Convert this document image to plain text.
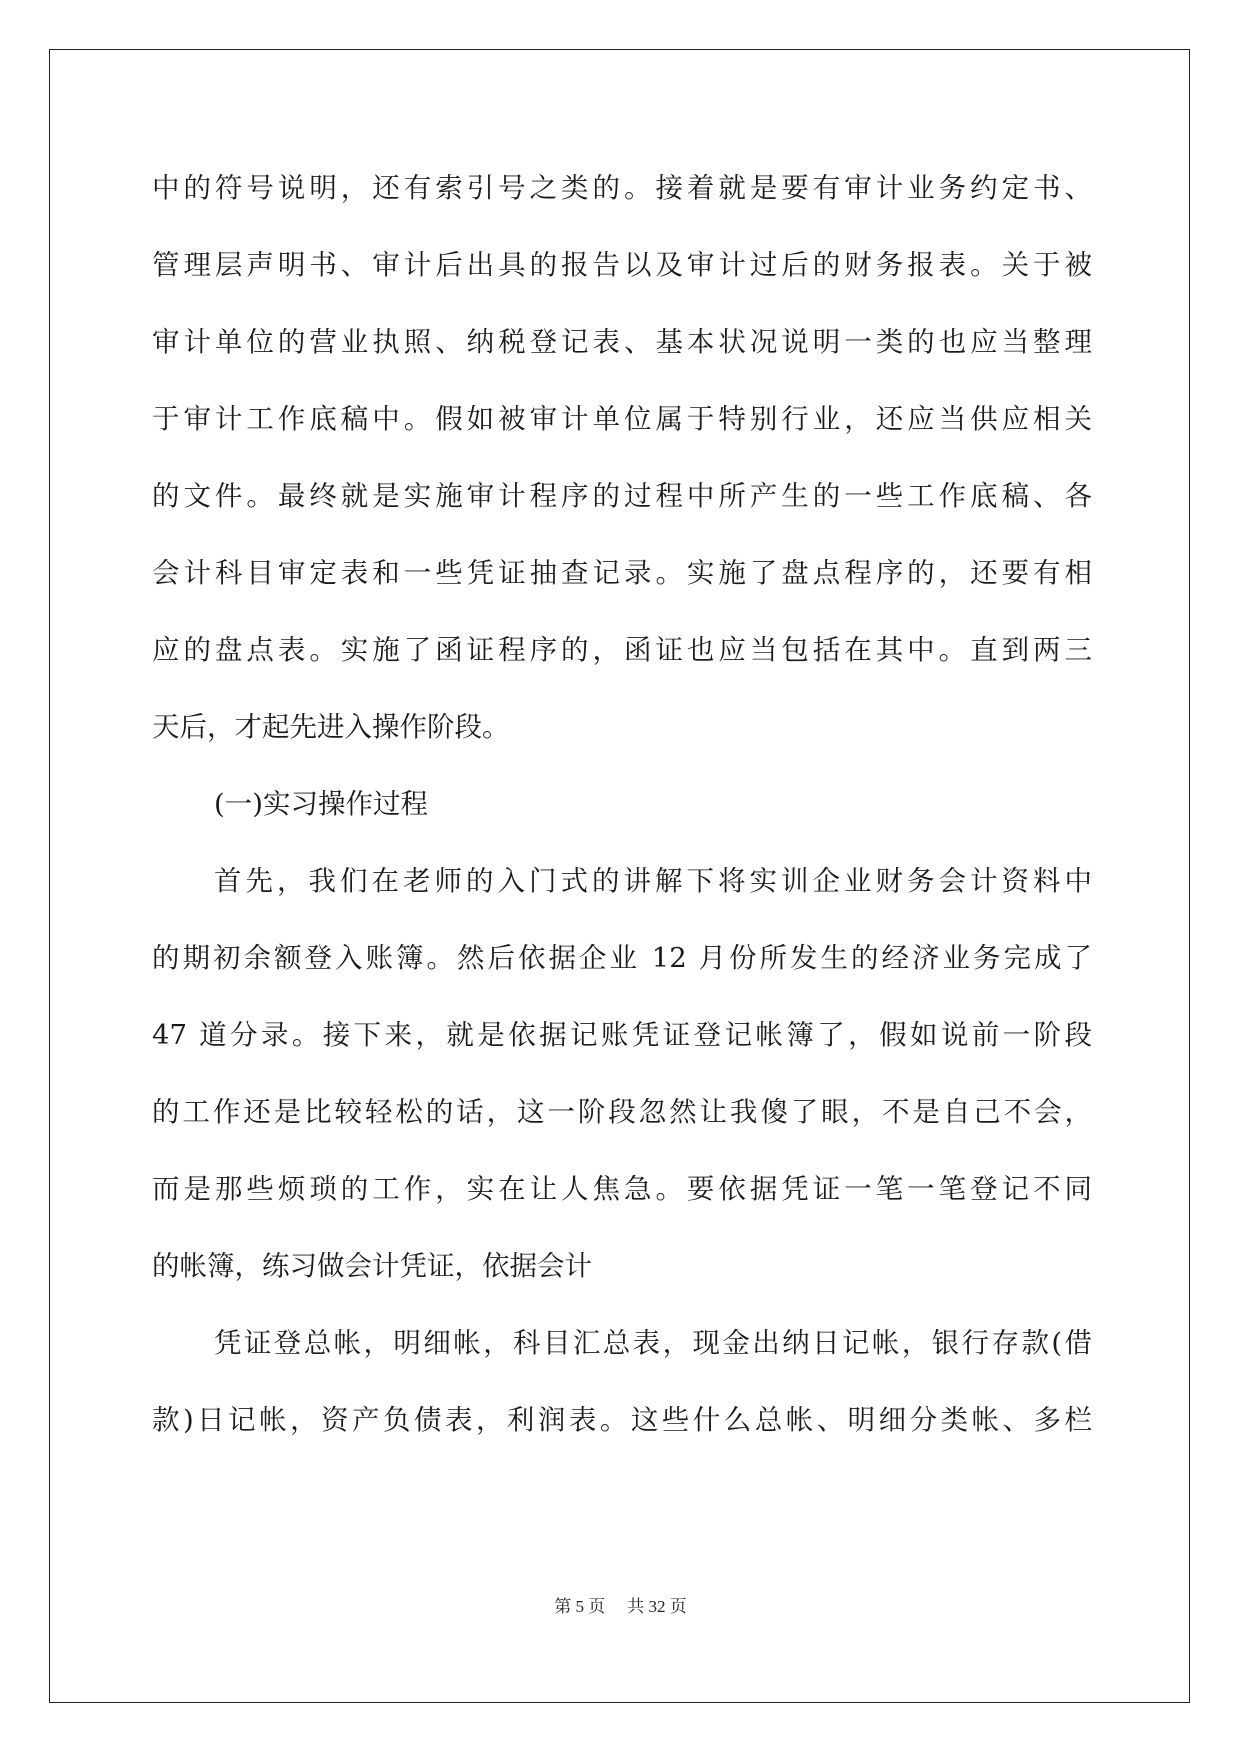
中的符号说明，还有索引号之类的。接着就是要有审计业务约定书、
管理层声明书、审计后出具的报告以及审计过后的财务报表。关于被
审计单位的营业执照、纳税登记表、基本状况说明一类的也应当整理
于审计工作底稿中。假如被审计单位属于特别行业，还应当供应相关
的文件。最终就是实施审计程序的过程中所产生的一些工作底稿、各
会计科目审定表和一些凭证抽查记录。实施了盘点程序的，还要有相
应的盘点表。实施了函证程序的，函证也应当包括在其中。直到两三
天后，才起先进入操作阶段。
(一)实习操作过程
首先，我们在老师的入门式的讲解下将实训企业财务会计资料中
的期初余额登入账簿。然后依据企业 12 月份所发生的经济业务完成了
47 道分录。接下来，就是依据记账凭证登记帐簿了，假如说前一阶段
的工作还是比较轻松的话，这一阶段忽然让我傻了眼，不是自己不会，
而是那些烦琐的工作，实在让人焦急。要依据凭证一笔一笔登记不同
的帐簿，练习做会计凭证，依据会计
凭证登总帐，明细帐，科目汇总表，现金出纳日记帐，银行存款(借
款)日记帐，资产负债表，利润表。这些什么总帐、明细分类帐、多栏
第 5 页 共 32 页
